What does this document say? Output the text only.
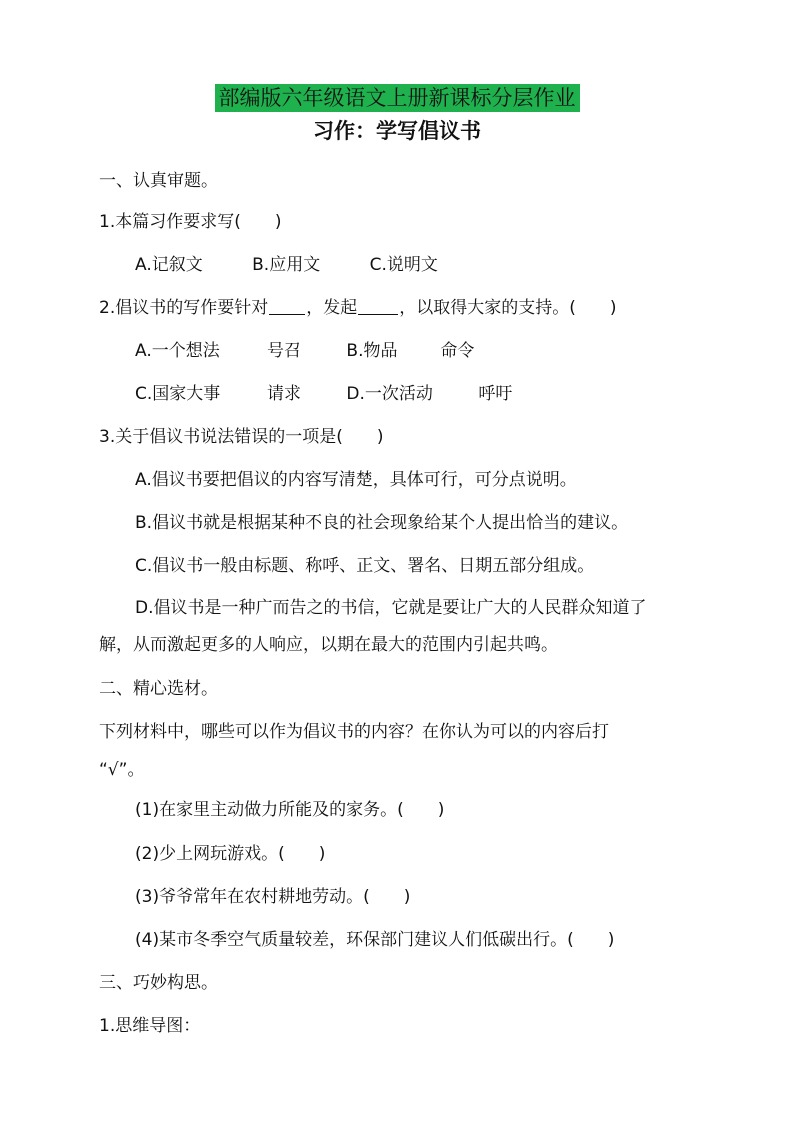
部编版六年级语文上册新课标分层作业
习作：学写倡议书
一、认真审题。
1.本篇习作要求写(　　)
A.记叙文	B.应用文	C.说明文
2.倡议书的写作要针对 ，发起 ，以取得大家的支持。(　　)
A.一个想法	号召	B.物品	命令
C.国家大事	请求	D.一次活动	呼吁
3.关于倡议书说法错误的一项是(　　)
A.倡议书要把倡议的内容写清楚，具体可行，可分点说明。
B.倡议书就是根据某种不良的社会现象给某个人提出恰当的建议。
C.倡议书一般由标题、称呼、正文、署名、日期五部分组成。
D.倡议书是一种广而告之的书信，它就是要让广大的人民群众知道了
解，从而激起更多的人响应，以期在最大的范围内引起共鸣。
二、精心选材。
下列材料中，哪些可以作为倡议书的内容？在你认为可以的内容后打
“√”。
(1)在家里主动做力所能及的家务。(　　)
(2)少上网玩游戏。(　　)
(3)爷爷常年在农村耕地劳动。(　　)
(4)某市冬季空气质量较差，环保部门建议人们低碳出行。(　　)
三、巧妙构思。
1.思维导图：
